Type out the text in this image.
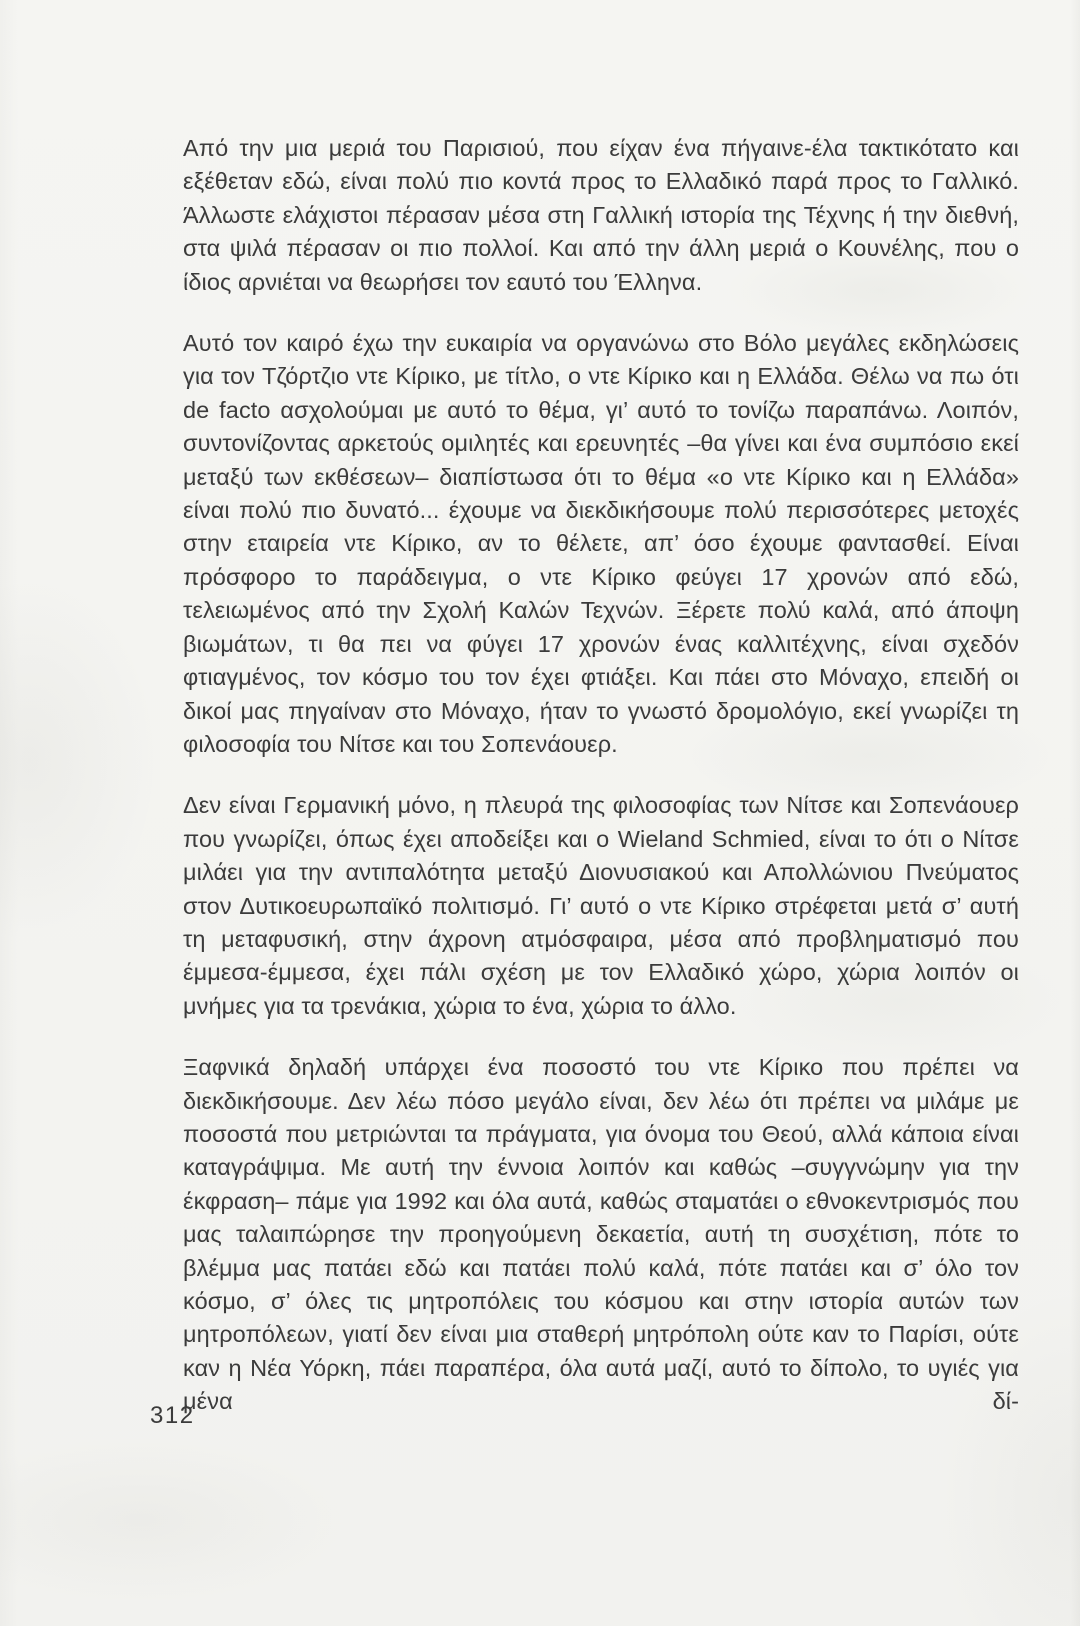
Από την μια μεριά του Παρισιού, που είχαν ένα πήγαινε-έλα τακτικότατο και εξέθεταν εδώ, είναι πολύ πιο κοντά προς το Ελλαδικό παρά προς το Γαλλικό. Άλλωστε ελάχιστοι πέρασαν μέσα στη Γαλλική ιστορία της Τέχνης ή την διεθνή, στα ψιλά πέρασαν οι πιο πολλοί. Και από την άλλη μεριά ο Κουνέλης, που ο ίδιος αρνιέται να θεωρήσει τον εαυτό του Έλληνα.

Αυτό τον καιρό έχω την ευκαιρία να οργανώνω στο Βόλο μεγάλες εκδηλώσεις για τον Τζόρτζιο ντε Κίρικο, με τίτλο, ο ντε Κίρικο και η Ελλάδα. Θέλω να πω ότι de facto ασχολούμαι με αυτό το θέμα, γι’ αυτό το τονίζω παραπάνω. Λοιπόν, συντονίζοντας αρκετούς ομιλητές και ερευνητές –θα γίνει και ένα συμπόσιο εκεί μεταξύ των εκθέσεων– διαπίστωσα ότι το θέμα «ο ντε Κίρικο και η Ελλάδα» είναι πολύ πιο δυνατό... έχουμε να διεκδικήσουμε πολύ περισσότερες μετοχές στην εταιρεία ντε Κίρικο, αν το θέλετε, απ’ όσο έχουμε φαντασθεί. Είναι πρόσφορο το παράδειγμα, ο ντε Κίρικο φεύγει 17 χρονών από εδώ, τελειωμένος από την Σχολή Καλών Τεχνών. Ξέρετε πολύ καλά, από άποψη βιωμάτων, τι θα πει να φύγει 17 χρονών ένας καλλιτέχνης, είναι σχεδόν φτιαγμένος, τον κόσμο του τον έχει φτιάξει. Και πάει στο Μόναχο, επειδή οι δικοί μας πηγαίναν στο Μόναχο, ήταν το γνωστό δρομολόγιο, εκεί γνωρίζει τη φιλοσοφία του Νίτσε και του Σοπενάουερ.

Δεν είναι Γερμανική μόνο, η πλευρά της φιλοσοφίας των Νίτσε και Σοπενάουερ που γνωρίζει, όπως έχει αποδείξει και ο Wieland Schmied, είναι το ότι ο Νίτσε μιλάει για την αντιπαλότητα μεταξύ Διονυσιακού και Απολλώνιου Πνεύματος στον Δυτικοευρωπαϊκό πολιτισμό. Γι’ αυτό ο ντε Κίρικο στρέφεται μετά σ’ αυτή τη μεταφυσική, στην άχρονη ατμόσφαιρα, μέσα από προβληματισμό που έμμεσα-έμμεσα, έχει πάλι σχέση με τον Ελλαδικό χώρο, χώρια λοιπόν οι μνήμες για τα τρενάκια, χώρια το ένα, χώρια το άλλο.

Ξαφνικά δηλαδή υπάρχει ένα ποσοστό του ντε Κίρικο που πρέπει να διεκδικήσουμε. Δεν λέω πόσο μεγάλο είναι, δεν λέω ότι πρέπει να μιλάμε με ποσοστά που μετριώνται τα πράγματα, για όνομα του Θεού, αλλά κάποια είναι καταγράψιμα. Με αυτή την έννοια λοιπόν και καθώς –συγγνώμην για την έκφραση– πάμε για 1992 και όλα αυτά, καθώς σταματάει ο εθνοκεντρισμός που μας ταλαιπώρησε την προηγούμενη δεκαετία, αυτή τη συσχέτιση, πότε το βλέμμα μας πατάει εδώ και πατάει πολύ καλά, πότε πατάει και σ’ όλο τον κόσμο, σ’ όλες τις μητροπόλεις του κόσμου και στην ιστορία αυτών των μητροπόλεων, γιατί δεν είναι μια σταθερή μητρόπολη ούτε καν το Παρίσι, ούτε καν η Νέα Υόρκη, πάει παραπέρα, όλα αυτά μαζί, αυτό το δίπολο, το υγιές για μένα δί-

312
